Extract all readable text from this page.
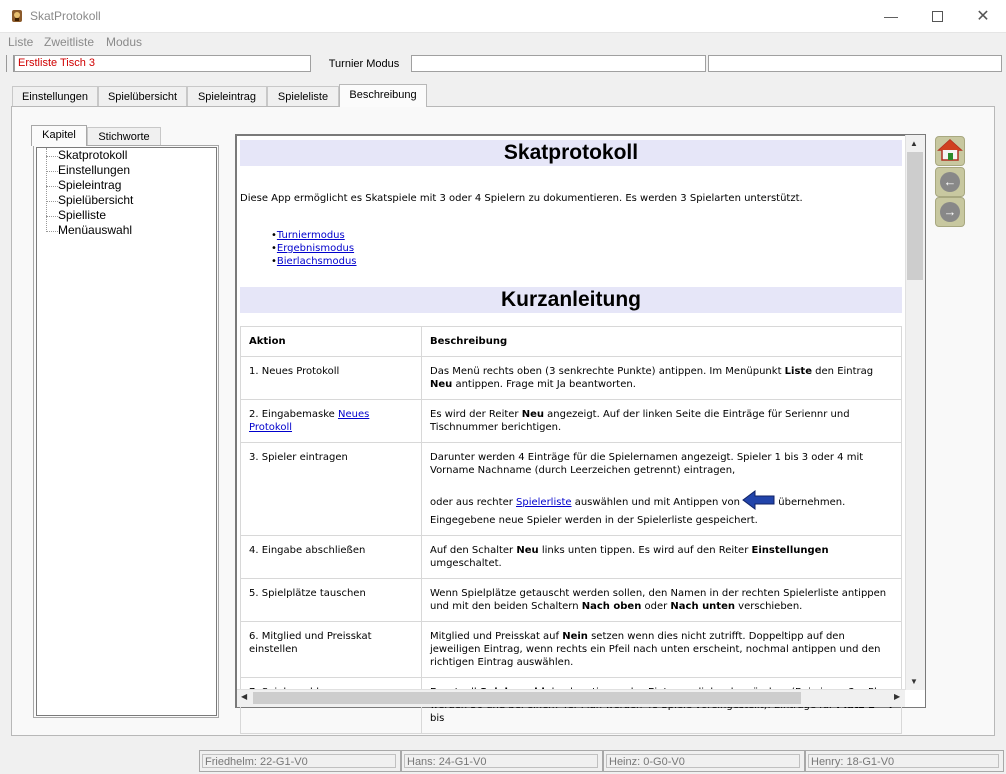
SkatProtokoll	—	✕
Liste Zweitliste Modus
Erstliste Tisch 3	Turnier Modus
Einstellungen	Spielübersicht	Spieleintrag	Spieleliste	Beschreibung
Kapitel	Stichworte
Skatprotokoll
Einstellungen
Spieleintrag
Spielübersicht
Spielliste
Menüauswahl
Skatprotokoll
Diese App ermöglicht es Skatspiele mit 3 oder 4 Spielern zu dokumentieren. Es werden 3 Spielarten unterstützt.
•Turniermodus
•Ergebnismodus
•Bierlachsmodus
Kurzanleitung
Aktion	Beschreibung
1. Neues Protokoll	Das Menü rechts oben (3 senkrechte Punkte) antippen. Im Menüpunkt Liste den Eintrag Neu antippen. Frage mit Ja beantworten.
2. Eingabemaske Neues Protokoll	Es wird der Reiter Neu angezeigt. Auf der linken Seite die Einträge für Seriennr und Tischnummer berichtigen.
3. Spieler eintragen	Darunter werden 4 Einträge für die Spielernamen angezeigt. Spieler 1 bis 3 oder 4 mit Vorname Nachname (durch Leerzeichen getrennt) eintragen,

oder aus rechter Spielerliste auswählen und mit Antippen von übernehmen. Eingegebene neue Spieler werden in der Spielerliste gespeichert.
4. Eingabe abschließen	Auf den Schalter Neu links unten tippen. Es wird auf den Reiter Einstellungen umgeschaltet.
5. Spielplätze tauschen	Wenn Spielplätze getauscht werden sollen, den Namen in der rechten Spielerliste antippen und mit den beiden Schaltern Nach oben oder Nach unten verschieben.
6. Mitglied und Preisskat einstellen	Mitglied und Preisskat auf Nein setzen wenn dies nicht zutrifft. Doppeltipp auf den jeweiligen Eintrag, wenn rechts ein Pfeil nach unten erscheint, nochmal antippen und den richtigen Eintrag auswählen.
	bis
▲
▼
◀	▶
←
→
Friedhelm: 22-G1-V0	Hans: 24-G1-V0	Heinz: 0-G0-V0	Henry: 18-G1-V0
